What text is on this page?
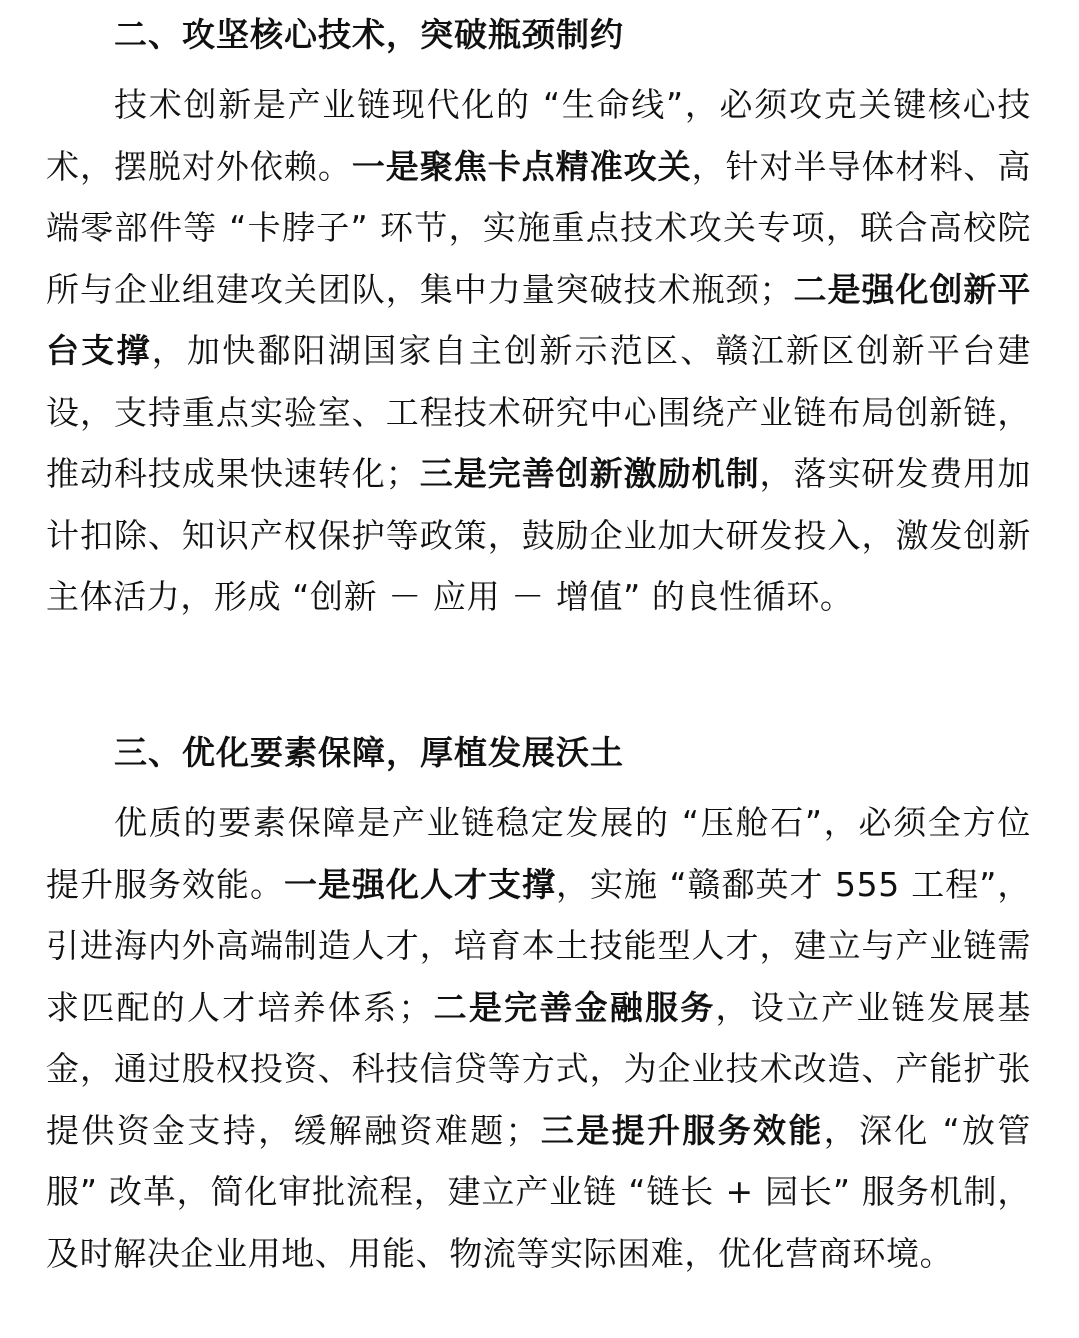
二、攻坚核心技术，突破瓶颈制约

技术创新是产业链现代化的 “生命线”，必须攻克关键核心技术，摆脱对外依赖。一是聚焦卡点精准攻关，针对半导体材料、高端零部件等 “卡脖子” 环节，实施重点技术攻关专项，联合高校院所与企业组建攻关团队，集中力量突破技术瓶颈；二是强化创新平台支撑，加快鄱阳湖国家自主创新示范区、赣江新区创新平台建设，支持重点实验室、工程技术研究中心围绕产业链布局创新链，推动科技成果快速转化；三是完善创新激励机制，落实研发费用加计扣除、知识产权保护等政策，鼓励企业加大研发投入，激发创新主体活力，形成 “创新 － 应用 － 增值” 的良性循环。

三、优化要素保障，厚植发展沃土

优质的要素保障是产业链稳定发展的 “压舱石”，必须全方位提升服务效能。一是强化人才支撑，实施 “赣鄱英才 555 工程”，引进海内外高端制造人才，培育本土技能型人才，建立与产业链需求匹配的人才培养体系；二是完善金融服务，设立产业链发展基金，通过股权投资、科技信贷等方式，为企业技术改造、产能扩张提供资金支持，缓解融资难题；三是提升服务效能，深化 “放管服” 改革，简化审批流程，建立产业链 “链长 + 园长” 服务机制，及时解决企业用地、用能、物流等实际困难，优化营商环境。
